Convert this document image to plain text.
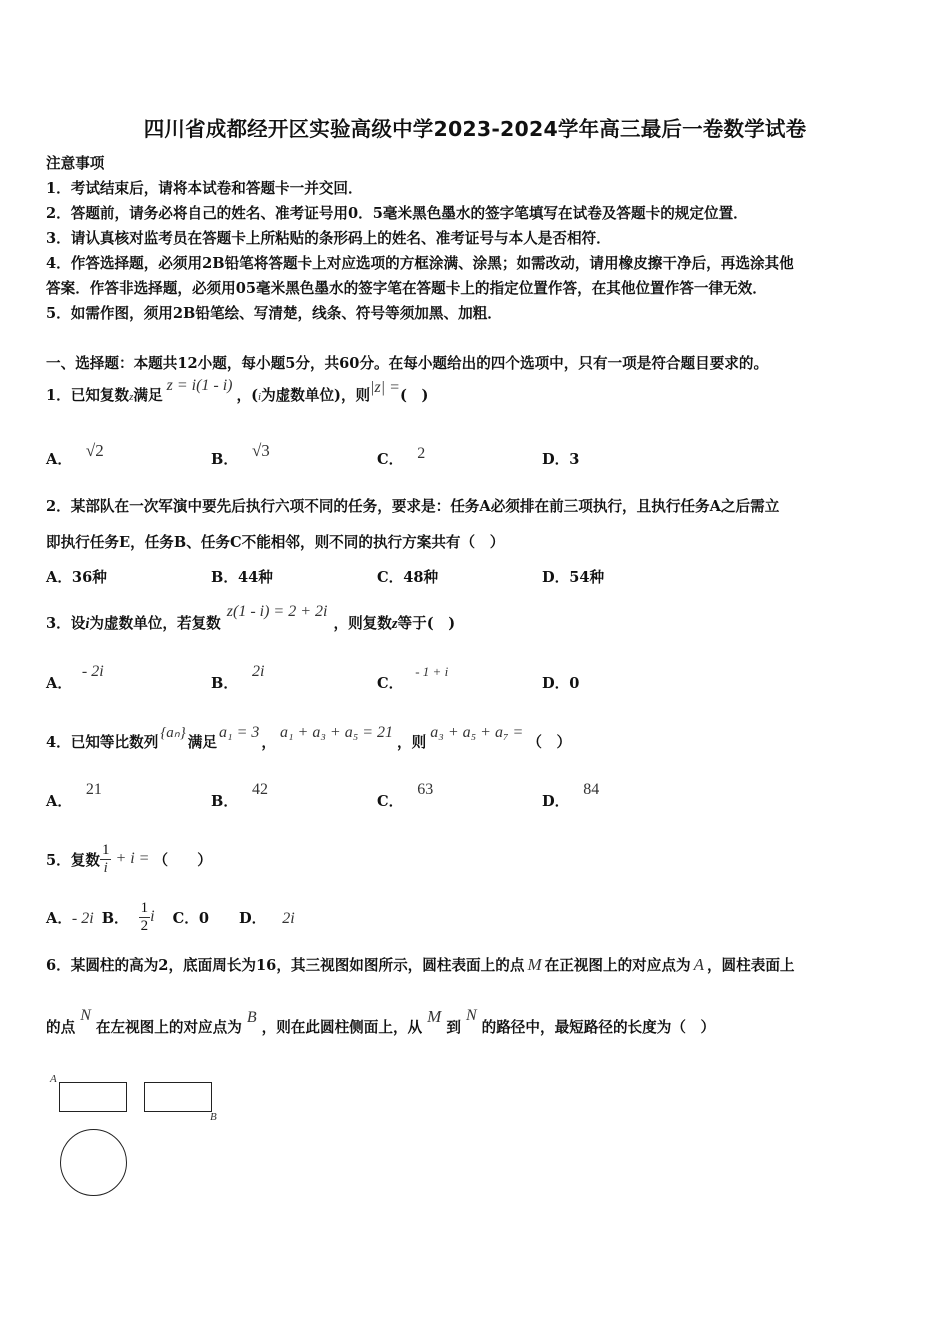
四川省成都经开区实验高级中学2023-2024学年高三最后一卷数学试卷
注意事项
1．考试结束后，请将本试卷和答题卡一并交回．
2．答题前，请务必将自己的姓名、准考证号用0．5毫米黑色墨水的签字笔填写在试卷及答题卡的规定位置．
3．请认真核对监考员在答题卡上所粘贴的条形码上的姓名、准考证号与本人是否相符．
4．作答选择题，必须用2B铅笔将答题卡上对应选项的方框涂满、涂黑；如需改动，请用橡皮擦干净后，再选涂其他
答案．作答非选择题，必须用05毫米黑色墨水的签字笔在答题卡上的指定位置作答，在其他位置作答一律无效．
5．如需作图，须用2B铅笔绘、写清楚，线条、符号等须加黑、加粗．
一、选择题：本题共12小题，每小题5分，共60分。在每小题给出的四个选项中，只有一项是符合题目要求的。
1．已知复数z满足z = i(1 - i)，(i为虚数单位)，则|z| =(　)
A． √2	B． √3	C． 2	D．3
2．某部队在一次军演中要先后执行六项不同的任务，要求是：任务A必须排在前三项执行，且执行任务A之后需立
即执行任务E，任务B、任务C不能相邻，则不同的执行方案共有（　）
A．36种	B．44种	C．48种	D．54种
3．设i为虚数单位，若复数z(1 - i) = 2 + 2i，则复数z等于(　)
A．- 2i
B．2i
C．- 1 + i
D．0
4．已知等比数列{aₙ}满足a₁ = 3，a₁ + a₃ + a₅ = 21，则a₃ + a₅ + a₇ =（　）
A．21
B．42
C．63
D．84
5．复数 $\frac{1}{i} + i$ = （　　）
A．- 2i B． $\frac{1}{2}$ i C．0 D． 2i
6．某圆柱的高为2，底面周长为16，其三视图如图所示，圆柱表面上的点 M 在正视图上的对应点为 A ，圆柱表面上
的点N在左视图上的对应点为B，则在此圆柱侧面上，从M到N的路径中，最短路径的长度为（　）
A
B
